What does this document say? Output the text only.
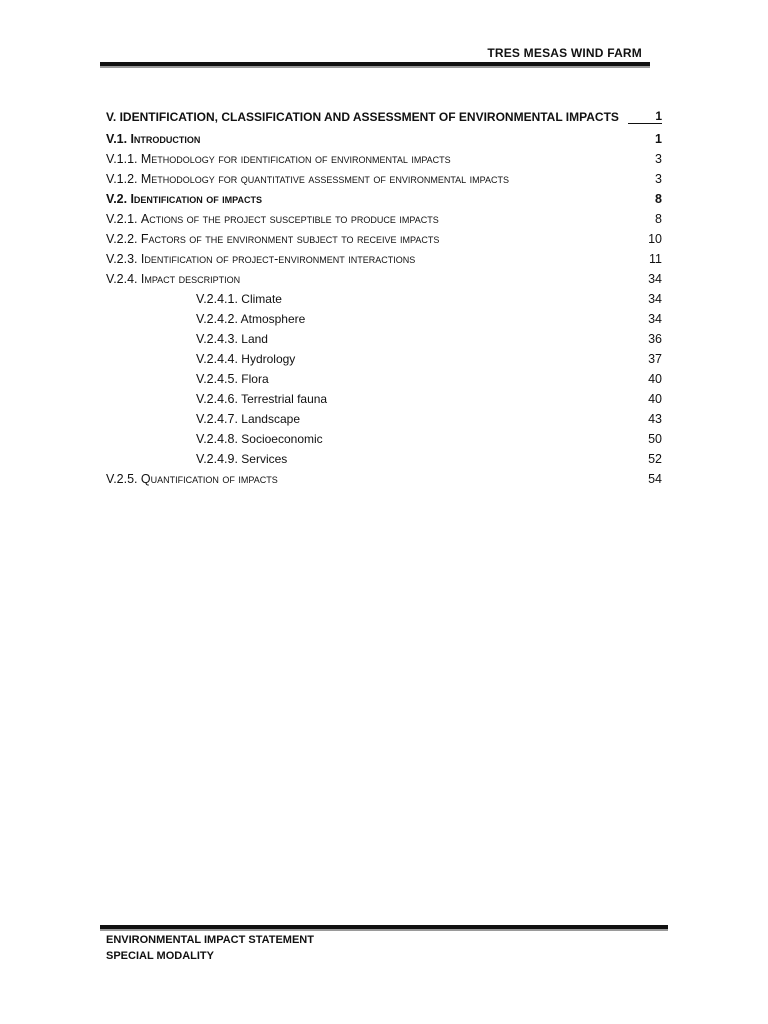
TRES MESAS WIND FARM
V. IDENTIFICATION, CLASSIFICATION AND ASSESSMENT OF ENVIRONMENTAL IMPACTS	1
V.1. Introduction	1
V.1.1. Methodology for identification of environmental impacts	3
V.1.2. Methodology for quantitative assessment of environmental impacts	3
V.2. Identification of impacts	8
V.2.1. Actions of the project susceptible to produce impacts	8
V.2.2. Factors of the environment subject to receive impacts	10
V.2.3. Identification of project-environment interactions	11
V.2.4. Impact description	34
V.2.4.1. Climate	34
V.2.4.2. Atmosphere	34
V.2.4.3. Land	36
V.2.4.4. Hydrology	37
V.2.4.5. Flora	40
V.2.4.6. Terrestrial fauna	40
V.2.4.7. Landscape	43
V.2.4.8. Socioeconomic	50
V.2.4.9. Services	52
V.2.5. Quantification of impacts	54
ENVIRONMENTAL IMPACT STATEMENT
SPECIAL MODALITY
